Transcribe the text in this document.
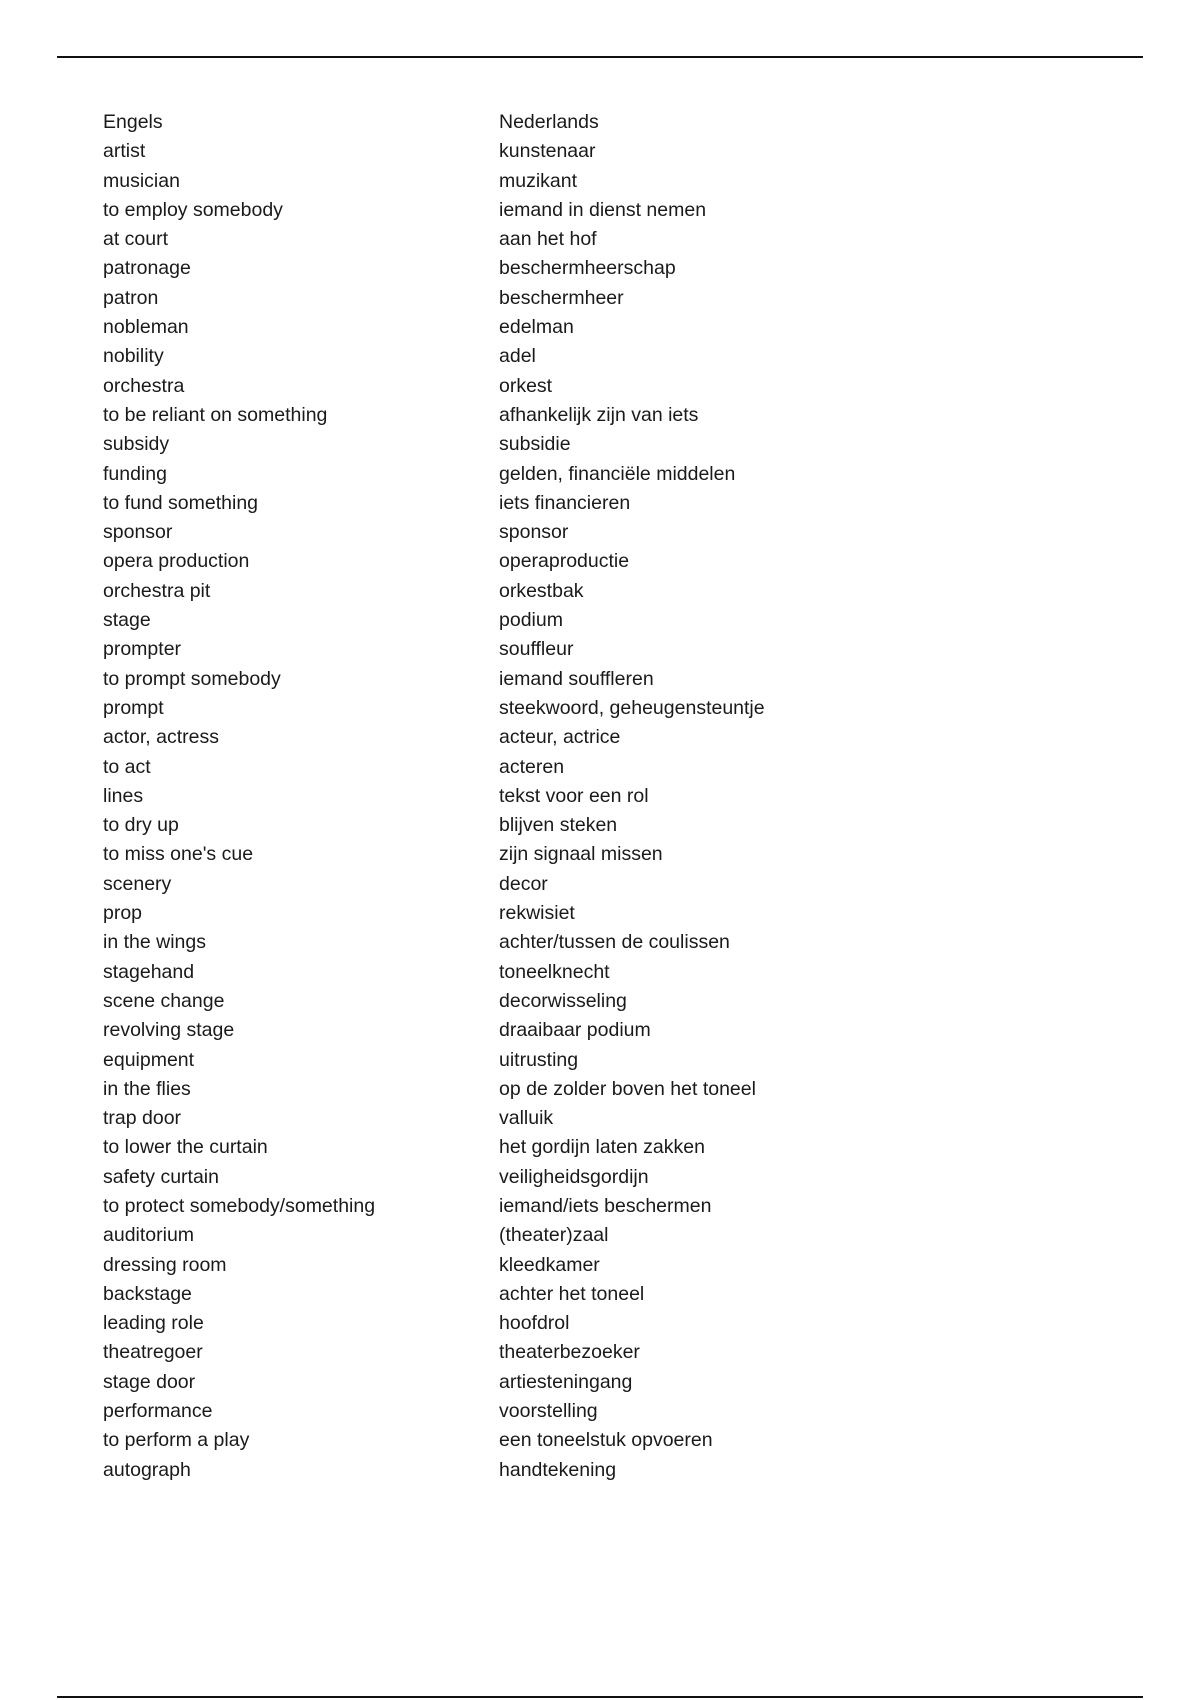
Engels	Nederlands
artist	kunstenaar
musician	muzikant
to employ somebody	iemand in dienst nemen
at court	aan het hof
patronage	beschermheerschap
patron	beschermheer
nobleman	edelman
nobility	adel
orchestra	orkest
to be reliant on something	afhankelijk zijn van iets
subsidy	subsidie
funding	gelden, financiële middelen
to fund something	iets financieren
sponsor	sponsor
opera production	operaproductie
orchestra pit	orkestbak
stage	podium
prompter	souffleur
to prompt somebody	iemand souffleren
prompt	steekwoord, geheugensteuntje
actor, actress	acteur, actrice
to act	acteren
lines	tekst voor een rol
to dry up	blijven steken
to miss one's cue	zijn signaal missen
scenery	decor
prop	rekwisiet
in the wings	achter/tussen de coulissen
stagehand	toneelknecht
scene change	decorwisseling
revolving stage	draaibaar podium
equipment	uitrusting
in the flies	op de zolder boven het toneel
trap door	valluik
to lower the curtain	het gordijn laten zakken
safety curtain	veiligheidsgordijn
to protect somebody/something	iemand/iets beschermen
auditorium	(theater)zaal
dressing room	kleedkamer
backstage	achter het toneel
leading role	hoofdrol
theatregoer	theaterbezoeker
stage door	artiesteningang
performance	voorstelling
to perform a play	een toneelstuk opvoeren
autograph	handtekening
